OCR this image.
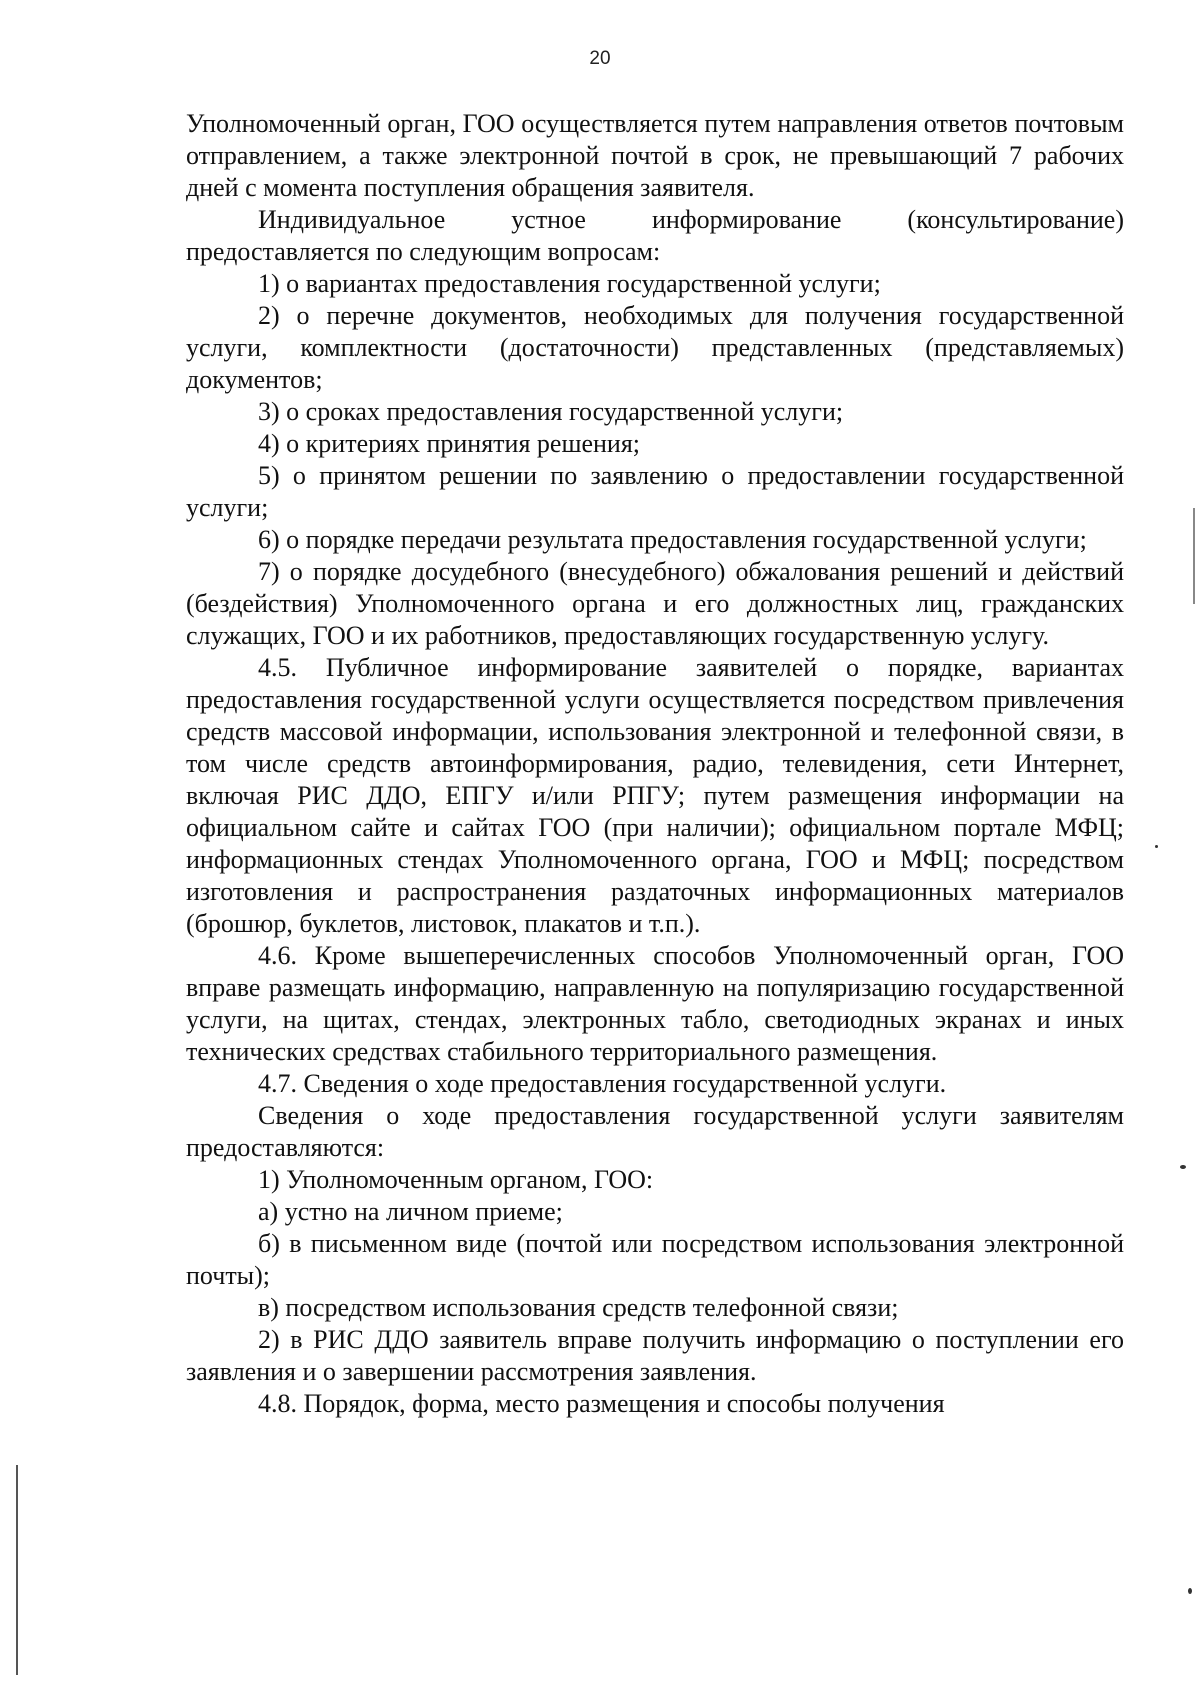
20

Уполномоченный орган, ГОО осуществляется путем направления ответов почтовым отправлением, а также электронной почтой в срок, не превышающий 7 рабочих дней с момента поступления обращения заявителя.

Индивидуальное устное информирование (консультирование) предоставляется по следующим вопросам:

1) о вариантах предоставления государственной услуги;

2) о перечне документов, необходимых для получения государственной услуги, комплектности (достаточности) представленных (представляемых) документов;

3) о сроках предоставления государственной услуги;

4) о критериях принятия решения;

5) о принятом решении по заявлению о предоставлении государственной услуги;

6) о порядке передачи результата предоставления государственной услуги;

7) о порядке досудебного (внесудебного) обжалования решений и действий (бездействия) Уполномоченного органа и его должностных лиц, гражданских служащих, ГОО и их работников, предоставляющих государственную услугу.

4.5. Публичное информирование заявителей о порядке, вариантах предоставления государственной услуги осуществляется посредством привлечения средств массовой информации, использования электронной и телефонной связи, в том числе средств автоинформирования, радио, телевидения, сети Интернет, включая РИС ДДО, ЕПГУ и/или РПГУ; путем размещения информации на официальном сайте и сайтах ГОО (при наличии); официальном портале МФЦ; информационных стендах Уполномоченного органа, ГОО и МФЦ; посредством изготовления и распространения раздаточных информационных материалов (брошюр, буклетов, листовок, плакатов и т.п.).

4.6. Кроме вышеперечисленных способов Уполномоченный орган, ГОО вправе размещать информацию, направленную на популяризацию государственной услуги, на щитах, стендах, электронных табло, светодиодных экранах и иных технических средствах стабильного территориального размещения.

4.7. Сведения о ходе предоставления государственной услуги.

Сведения о ходе предоставления государственной услуги заявителям предоставляются:

1) Уполномоченным органом, ГОО:

а) устно на личном приеме;

б) в письменном виде (почтой или посредством использования электронной почты);

в) посредством использования средств телефонной связи;

2) в РИС ДДО заявитель вправе получить информацию о поступлении его заявления и о завершении рассмотрения заявления.

4.8. Порядок, форма, место размещения и способы получения
